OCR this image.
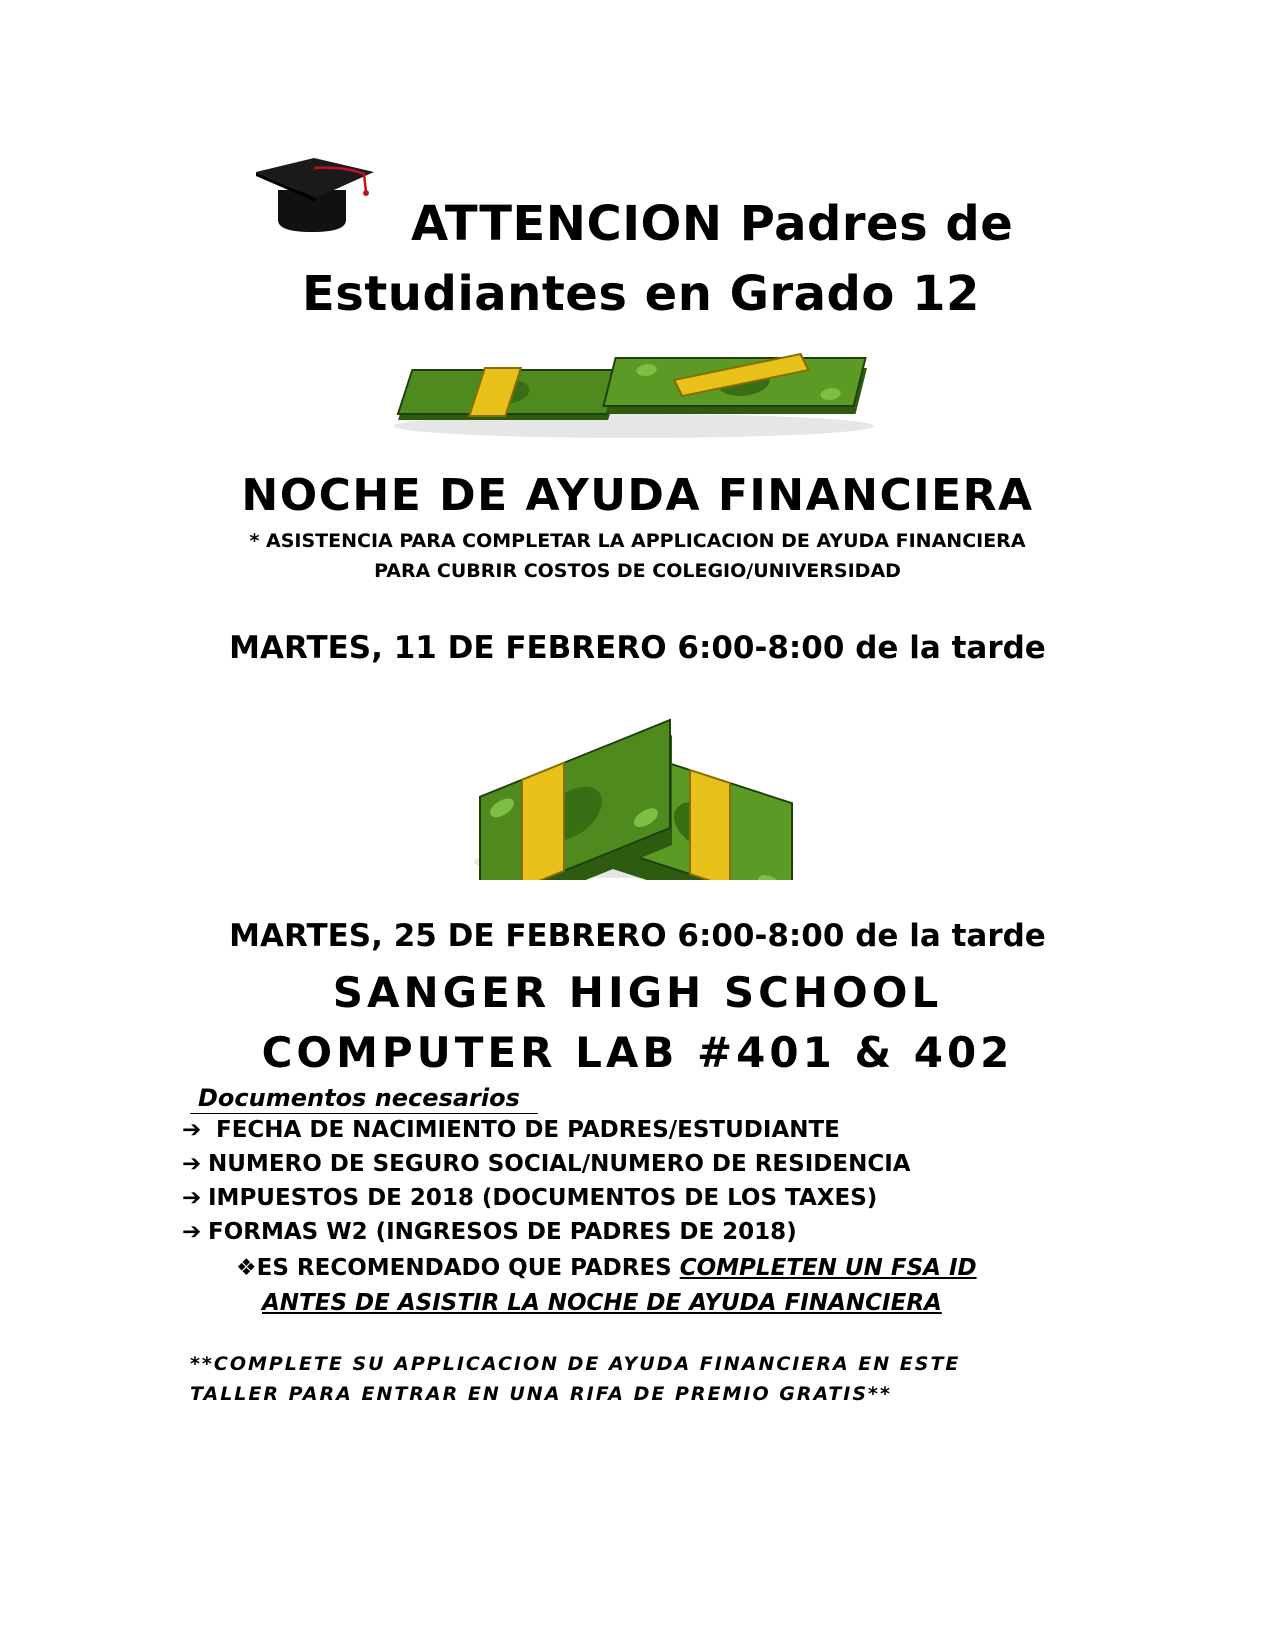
ATTENCION Padres de
Estudiantes en Grado 12
NOCHE DE AYUDA FINANCIERA
* ASISTENCIA PARA COMPLETAR LA APPLICACION DE AYUDA FINANCIERA
PARA CUBRIR COSTOS DE COLEGIO/UNIVERSIDAD
MARTES, 11 DE FEBRERO 6:00-8:00 de la tarde
MARTES, 25 DE FEBRERO 6:00-8:00 de la tarde
SANGER HIGH SCHOOL
COMPUTER LAB #401 & 402
Documentos necesarios
➔ FECHA DE NACIMIENTO DE PADRES/ESTUDIANTE
➔ NUMERO DE SEGURO SOCIAL/NUMERO DE RESIDENCIA
➔ IMPUESTOS DE 2018 (DOCUMENTOS DE LOS TAXES)
➔ FORMAS W2 (INGRESOS DE PADRES DE 2018)
❖ES RECOMENDADO QUE PADRES COMPLETEN UN FSA ID
ANTES DE ASISTIR LA NOCHE DE AYUDA FINANCIERA
**COMPLETE SU APPLICACION DE AYUDA FINANCIERA EN ESTE
TALLER PARA ENTRAR EN UNA RIFA DE PREMIO GRATIS**
